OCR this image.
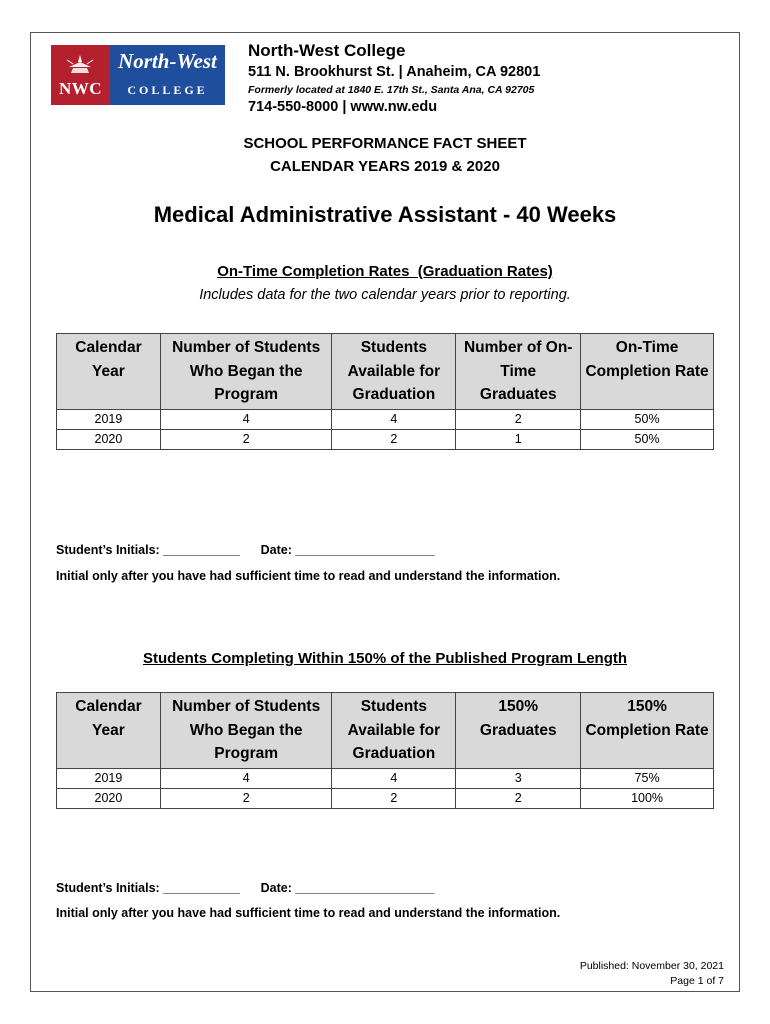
NWC
North-West
COLLEGE
North-West College
511 N. Brookhurst St. | Anaheim, CA 92801
Formerly located at 1840 E. 17th St., Santa Ana, CA 92705
714-550-8000 | www.nw.edu
SCHOOL PERFORMANCE FACT SHEET
CALENDAR YEARS 2019 & 2020
Medical Administrative Assistant - 40 Weeks
On-Time Completion Rates  (Graduation Rates)
Includes data for the two calendar years prior to reporting.
Calendar Year	Number of Students Who Began the Program	Students Available for Graduation	Number of On-Time Graduates	On-Time Completion Rate
2019	4	4	2	50%
2020	2	2	1	50%
Student’s Initials: ___________ Date: ____________________
Initial only after you have had sufficient time to read and understand the information.
Students Completing Within 150% of the Published Program Length
Calendar Year	Number of Students Who Began the Program	Students Available for Graduation	150% Graduates	150% Completion Rate
2019	4	4	3	75%
2020	2	2	2	100%
Student’s Initials: ___________ Date: ____________________
Initial only after you have had sufficient time to read and understand the information.
Published: November 30, 2021
Page 1 of 7
